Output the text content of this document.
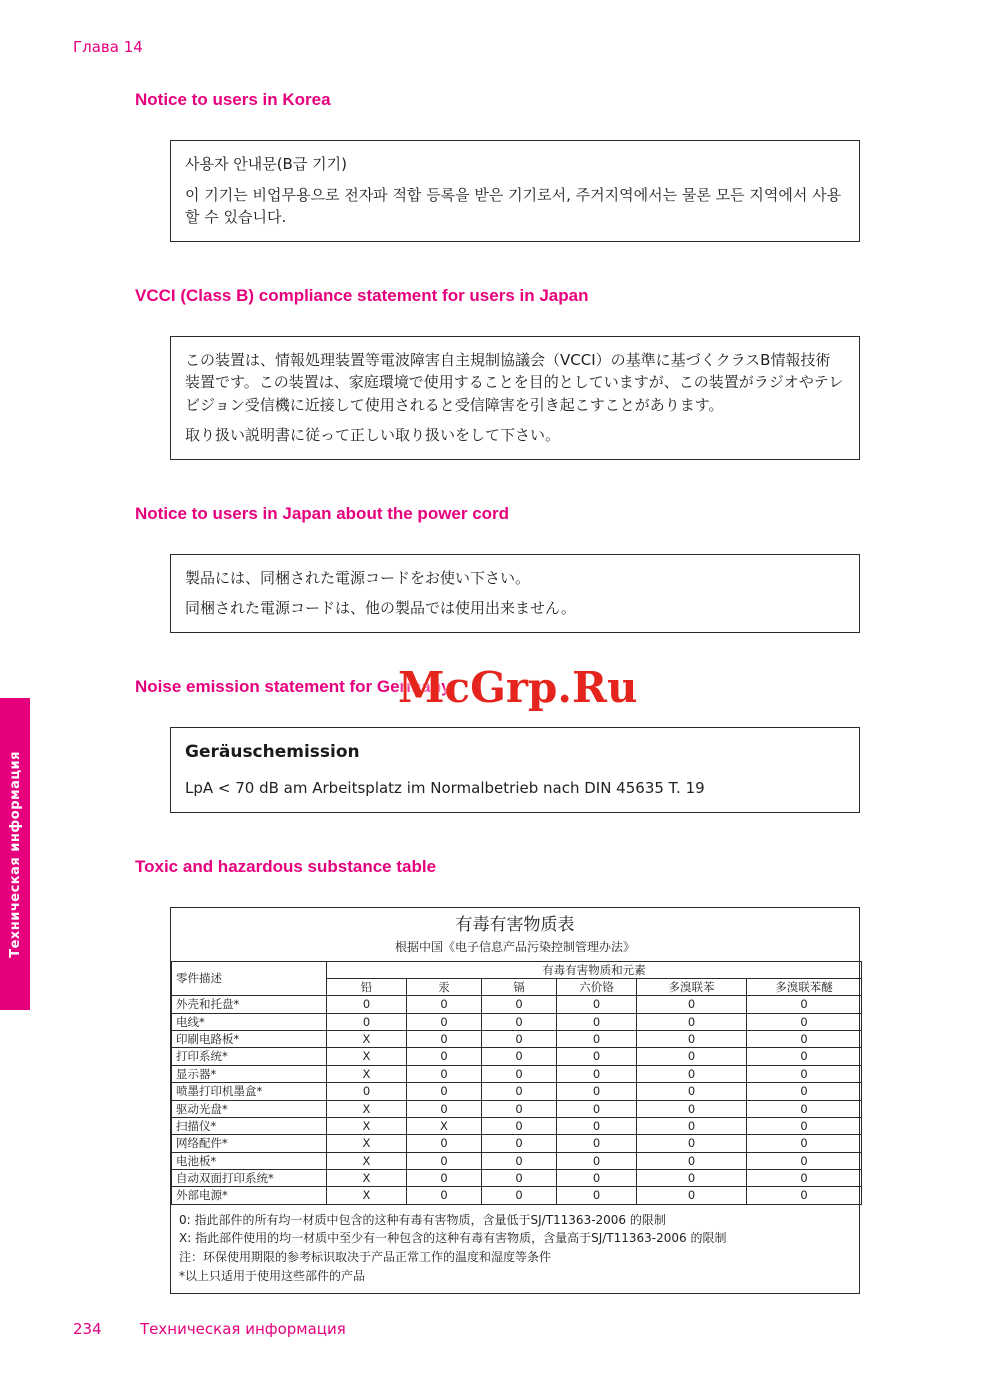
Глава 14
Notice to users in Korea

사용자 안내문(B급 기기)

이 기기는 비업무용으로 전자파 적합 등록을 받은 기기로서, 주거지역에서는 물론 모든 지역에서 사용할 수 있습니다.

VCCI (Class B) compliance statement for users in Japan

この装置は、情報処理装置等電波障害自主規制協議会（VCCI）の基準に基づくクラスB情報技術装置です。この装置は、家庭環境で使用することを目的としていますが、この装置がラジオやテレビジョン受信機に近接して使用されると受信障害を引き起こすことがあります。

取り扱い説明書に従って正しい取り扱いをして下さい。

Notice to users in Japan about the power cord

製品には、同梱された電源コードをお使い下さい。

同梱された電源コードは、他の製品では使用出来ません。

Noise emission statement for Germany
McGrp.Ru
Geräuschemission

LpA < 70 dB am Arbeitsplatz im Normalbetrieb nach DIN 45635 T. 19

Toxic and hazardous substance table
有毒有害物质表
根据中国《电子信息产品污染控制管理办法》
零件描述	有毒有害物质和元素					
	铅	汞	镉	六价铬	多溴联苯	多溴联苯醚
外壳和托盘*	0	0	0	0	0	0
电线*	0	0	0	0	0	0
印刷电路板*	X	0	0	0	0	0
打印系统*	X	0	0	0	0	0
显示器*	X	0	0	0	0	0
喷墨打印机墨盒*	0	0	0	0	0	0
驱动光盘*	X	0	0	0	0	0
扫描仪*	X	X	0	0	0	0
网络配件*	X	0	0	0	0	0
电池板*	X	0	0	0	0	0
自动双面打印系统*	X	0	0	0	0	0
外部电源*	X	0	0	0	0	0
0: 指此部件的所有均一材质中包含的这种有毒有害物质，含量低于SJ/T11363-2006 的限制
X: 指此部件使用的均一材质中至少有一种包含的这种有毒有害物质，含量高于SJ/T11363-2006 的限制
注：环保使用期限的参考标识取决于产品正常工作的温度和湿度等条件
*以上只适用于使用这些部件的产品
Техническая информация
234	Техническая информация
